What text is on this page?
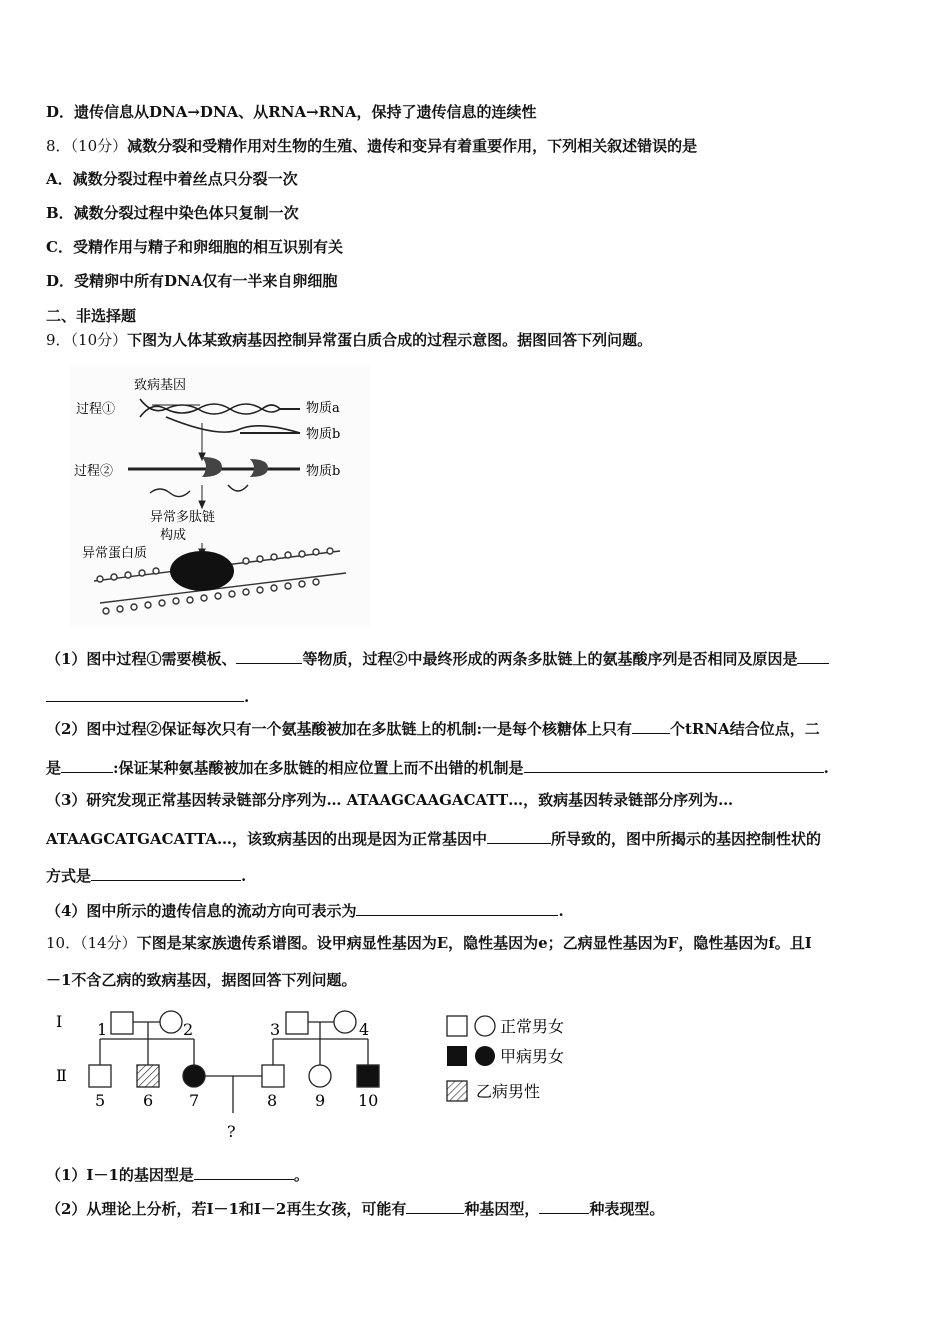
D．遗传信息从DNA→DNA、从RNA→RNA，保持了遗传信息的连续性
8．（10分）减数分裂和受精作用对生物的生殖、遗传和变异有着重要作用，下列相关叙述错误的是
A．减数分裂过程中着丝点只分裂一次
B．减数分裂过程中染色体只复制一次
C．受精作用与精子和卵细胞的相互识别有关
D．受精卵中所有DNA仅有一半来自卵细胞
二、非选择题
9．（10分）下图为人体某致病基因控制异常蛋白质合成的过程示意图。据图回答下列问题。
致病基因
过程①
过程②
物质a
物质b
物质b
异常多肽链
构成
异常蛋白质
（1）图中过程①需要模板、	等物质，过程②中最终形成的两条多肽链上的氨基酸序列是否相同及原因是
.
（2）图中过程②保证每次只有一个氨基酸被加在多肽链上的机制:一是每个核糖体上只有	个tRNA结合位点，二
是	:保证某种氨基酸被加在多肽链的相应位置上而不出错的机制是	.
（3）研究发现正常基因转录链部分序列为… ATAAGCAAGACATT…，致病基因转录链部分序列为…
ATAAGCATGACATTA…，该致病基因的出现是因为正常基因中	所导致的，图中所揭示的基因控制性状的
方式是	.
（4）图中所示的遗传信息的流动方向可表示为	.
10．（14分）下图是某家族遗传系谱图。设甲病显性基因为E，隐性基因为e；乙病显性基因为F，隐性基因为f。且Ⅰ
－1不含乙病的致病基因，据图回答下列问题。
Ⅰ
Ⅱ
1	2	3	4
5 6 7	8 9 10
?
正常男女
甲病男女
乙病男性
（1）Ⅰ－1的基因型是	。
（2）从理论上分析，若Ⅰ－1和Ⅰ－2再生女孩，可能有	种基因型，	种表现型。
